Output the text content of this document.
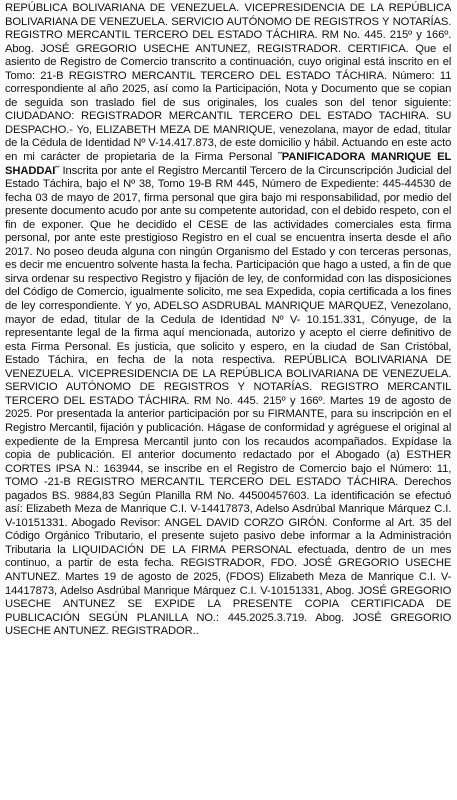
REPÚBLICA BOLIVARIANA DE VENEZUELA. VICEPRESIDENCIA DE LA REPÚBLICA BOLIVARIANA DE VENEZUELA. SERVICIO AUTÓNOMO DE REGISTROS Y NOTARÍAS. REGISTRO MERCANTIL TERCERO DEL ESTADO TÁCHIRA. RM No. 445. 215º y 166º. Abog. JOSÉ GREGORIO USECHE ANTUNEZ, REGISTRADOR. CERTIFICA. Que el asiento de Registro de Comercio transcrito a continuación, cuyo original está inscrito en el Tomo: 21-B REGISTRO MERCANTIL TERCERO DEL ESTADO TÁCHIRA. Número: 11 correspondiente al año 2025, así como la Participación, Nota y Documento que se copian de seguida son traslado fiel de sus originales, los cuales son del tenor siguiente: CIUDADANO: REGISTRADOR MERCANTIL TERCERO DEL ESTADO TACHIRA. SU DESPACHO.- Yo, ELIZABETH MEZA DE MANRIQUE, venezolana, mayor de edad, titular de la Cédula de Identidad Nº V-14.417.873, de este domicilio y hábil. Actuando en este acto en mi carácter de propietaria de la Firma Personal ˝PANIFICADORA MANRIQUE EL SHADDAI˝ Inscrita por ante el Registro Mercantil Tercero de la Circunscripción Judicial del Estado Táchira, bajo el Nº 38, Tomo 19-B RM 445, Número de Expediente: 445-44530 de fecha 03 de mayo de 2017, firma personal que gira bajo mi responsabilidad, por medio del presente documento acudo por ante su competente autoridad, con el debido respeto, con el fin de exponer. Que he decidido el CESE de las actividades comerciales esta firma personal, por ante este prestigioso Registro en el cual se encuentra inserta desde el año 2017. No poseo deuda alguna con ningún Organismo del Estado y con terceras personas, es decir me encuentro solvente hasta la fecha. Participación que hago a usted, a fin de que sirva ordenar su respectivo Registro y fijación de ley, de conformidad con las disposiciones del Código de Comercio, igualmente solicito, me sea Expedida, copia certificada a los fines de ley correspondiente. Y yo, ADELSO ASDRUBAL MANRIQUE MARQUEZ, Venezolano, mayor de edad, titular de la Cedula de Identidad Nº V- 10.151.331, Cónyuge, de la representante legal de la firma aquí mencionada, autorizo y acepto el cierre definitivo de esta Firma Personal. Es justicia, que solicito y espero, en la ciudad de San Cristóbal, Estado Táchira, en fecha de la nota respectiva. REPÚBLICA BOLIVARIANA DE VENEZUELA. VICEPRESIDENCIA DE LA REPÚBLICA BOLIVARIANA DE VENEZUELA. SERVICIO AUTÓNOMO DE REGISTROS Y NOTARÍAS. REGISTRO MERCANTIL TERCERO DEL ESTADO TÁCHIRA. RM No. 445. 215º y 166º. Martes 19 de agosto de 2025. Por presentada la anterior participación por su FIRMANTE, para su inscripción en el Registro Mercantil, fijación y publicación. Hágase de conformidad y agréguese el original al expediente de la Empresa Mercantil junto con los recaudos acompañados. Expídase la copia de publicación. El anterior documento redactado por el Abogado (a) ESTHER CORTES IPSA N.: 163944, se inscribe en el Registro de Comercio bajo el Número: 11, TOMO -21-B REGISTRO MERCANTIL TERCERO DEL ESTADO TÁCHIRA. Derechos pagados BS. 9884,83 Según Planilla RM No. 44500457603. La identificación se efectuó así: Elizabeth Meza de Manrique C.I. V-14417873, Adelso Asdrúbal Manrique Márquez C.I. V-10151331. Abogado Revisor: ANGEL DAVID CORZO GIRÓN. Conforme al Art. 35 del Código Orgánico Tributario, el presente sujeto pasivo debe informar a la Administración Tributaria la LIQUIDACIÓN DE LA FIRMA PERSONAL efectuada, dentro de un mes continuo, a partir de esta fecha. REGISTRADOR, FDO. JOSÉ GREGORIO USECHE ANTUNEZ. Martes 19 de agosto de 2025, (FDOS) Elizabeth Meza de Manrique C.I. V-14417873, Adelso Asdrúbal Manrique Márquez C.I. V-10151331, Abog. JOSÉ GREGORIO USECHE ANTUNEZ SE EXPIDE LA PRESENTE COPIA CERTIFICADA DE PUBLICACIÓN SEGÚN PLANILLA NO.: 445.2025.3.719. Abog. JOSÉ GREGORIO USECHE ANTUNEZ. REGISTRADOR..
